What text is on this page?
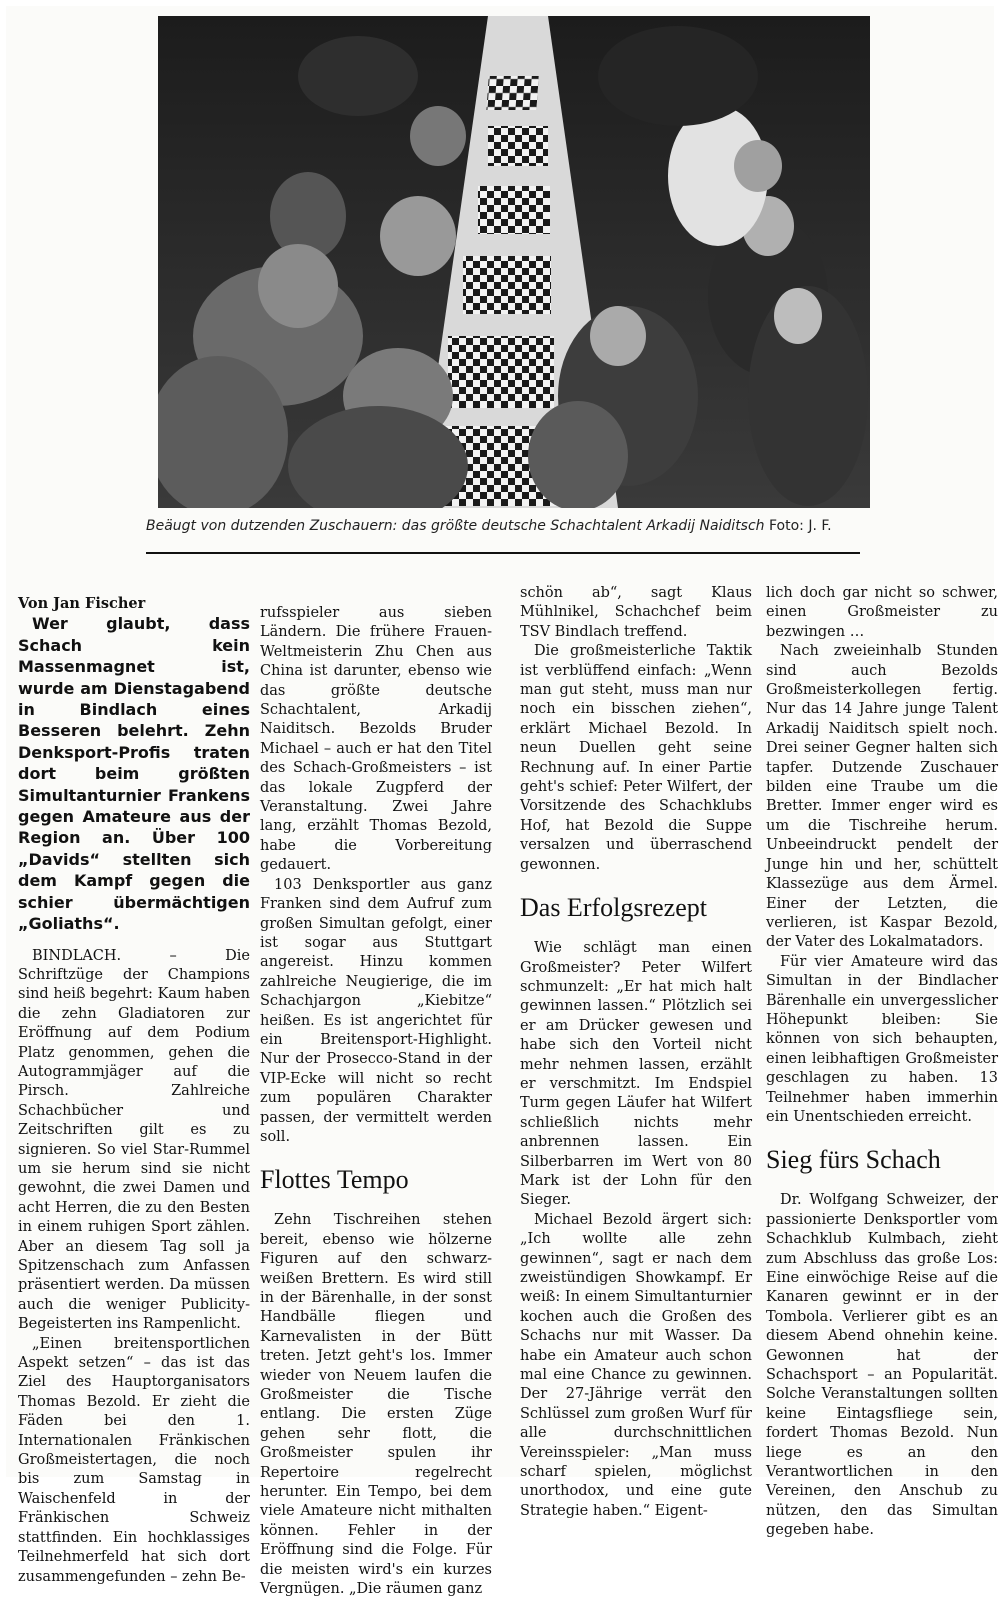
Beäugt von dutzenden Zuschauern: das größte deutsche Schachtalent Arkadij Naiditsch Foto: J. F.

Von Jan Fischer

Wer glaubt, dass Schach kein Massenmagnet ist, wurde am Dienstagabend in Bindlach eines Besseren belehrt. Zehn Denksport-Profis traten dort beim größten Simultanturnier Frankens gegen Amateure aus der Region an. Über 100 „Davids“ stellten sich dem Kampf gegen die schier übermächtigen „Goliaths“.

BINDLACH. – Die Schriftzüge der Champions sind heiß begehrt: Kaum haben die zehn Gladiatoren zur Eröffnung auf dem Podium Platz genommen, gehen die Autogrammjäger auf die Pirsch. Zahlreiche Schachbücher und Zeitschriften gilt es zu signieren. So viel Star-Rummel um sie herum sind sie nicht gewohnt, die zwei Damen und acht Herren, die zu den Besten in einem ruhigen Sport zählen. Aber an diesem Tag soll ja Spitzenschach zum Anfassen präsentiert werden. Da müssen auch die weniger Publicity-Begeisterten ins Rampenlicht.

„Einen breitensportlichen Aspekt setzen“ – das ist das Ziel des Hauptorganisators Thomas Bezold. Er zieht die Fäden bei den 1. Internationalen Fränkischen Großmeistertagen, die noch bis zum Samstag in Waischenfeld in der Fränkischen Schweiz stattfinden. Ein hochklassiges Teilnehmerfeld hat sich dort zusammengefunden – zehn Be-

rufsspieler aus sieben Ländern. Die frühere Frauen-Weltmeisterin Zhu Chen aus China ist darunter, ebenso wie das größte deutsche Schachtalent, Arkadij Naiditsch. Bezolds Bruder Michael – auch er hat den Titel des Schach-Großmeisters – ist das lokale Zugpferd der Veranstaltung. Zwei Jahre lang, erzählt Thomas Bezold, habe die Vorbereitung gedauert.

103 Denksportler aus ganz Franken sind dem Aufruf zum großen Simultan gefolgt, einer ist sogar aus Stuttgart angereist. Hinzu kommen zahlreiche Neugierige, die im Schachjargon „Kiebitze“ heißen. Es ist angerichtet für ein Breitensport-Highlight. Nur der Prosecco-Stand in der VIP-Ecke will nicht so recht zum populären Charakter passen, der vermittelt werden soll.

Flottes Tempo

Zehn Tischreihen stehen bereit, ebenso wie hölzerne Figuren auf den schwarz-weißen Brettern. Es wird still in der Bärenhalle, in der sonst Handbälle fliegen und Karnevalisten in der Bütt treten. Jetzt geht's los. Immer wieder von Neuem laufen die Großmeister die Tische entlang. Die ersten Züge gehen sehr flott, die Großmeister spulen ihr Repertoire regelrecht herunter. Ein Tempo, bei dem viele Amateure nicht mithalten können. Fehler in der Eröffnung sind die Folge. Für die meisten wird's ein kurzes Vergnügen. „Die räumen ganz

schön ab“, sagt Klaus Mühlnikel, Schachchef beim TSV Bindlach treffend.

Die großmeisterliche Taktik ist verblüffend einfach: „Wenn man gut steht, muss man nur noch ein bisschen ziehen“, erklärt Michael Bezold. In neun Duellen geht seine Rechnung auf. In einer Partie geht's schief: Peter Wilfert, der Vorsitzende des Schachklubs Hof, hat Bezold die Suppe versalzen und überraschend gewonnen.

Das Erfolgsrezept

Wie schlägt man einen Großmeister? Peter Wilfert schmunzelt: „Er hat mich halt gewinnen lassen.“ Plötzlich sei er am Drücker gewesen und habe sich den Vorteil nicht mehr nehmen lassen, erzählt er verschmitzt. Im Endspiel Turm gegen Läufer hat Wilfert schließlich nichts mehr anbrennen lassen. Ein Silberbarren im Wert von 80 Mark ist der Lohn für den Sieger.

Michael Bezold ärgert sich: „Ich wollte alle zehn gewinnen“, sagt er nach dem zweistündigen Showkampf. Er weiß: In einem Simultanturnier kochen auch die Großen des Schachs nur mit Wasser. Da habe ein Amateur auch schon mal eine Chance zu gewinnen. Der 27-Jährige verrät den Schlüssel zum großen Wurf für alle durchschnittlichen Vereinsspieler: „Man muss scharf spielen, möglichst unorthodox, und eine gute Strategie haben.“ Eigent-

lich doch gar nicht so schwer, einen Großmeister zu bezwingen …

Nach zweieinhalb Stunden sind auch Bezolds Großmeisterkollegen fertig. Nur das 14 Jahre junge Talent Arkadij Naiditsch spielt noch. Drei seiner Gegner halten sich tapfer. Dutzende Zuschauer bilden eine Traube um die Bretter. Immer enger wird es um die Tischreihe herum. Unbeeindruckt pendelt der Junge hin und her, schüttelt Klassezüge aus dem Ärmel. Einer der Letzten, die verlieren, ist Kaspar Bezold, der Vater des Lokalmatadors.

Für vier Amateure wird das Simultan in der Bindlacher Bärenhalle ein unvergesslicher Höhepunkt bleiben: Sie können von sich behaupten, einen leibhaftigen Großmeister geschlagen zu haben. 13 Teilnehmer haben immerhin ein Unentschieden erreicht.

Sieg fürs Schach

Dr. Wolfgang Schweizer, der passionierte Denksportler vom Schachklub Kulmbach, zieht zum Abschluss das große Los: Eine einwöchige Reise auf die Kanaren gewinnt er in der Tombola. Verlierer gibt es an diesem Abend ohnehin keine. Gewonnen hat der Schachsport – an Popularität. Solche Veranstaltungen sollten keine Eintagsfliege sein, fordert Thomas Bezold. Nun liege es an den Verantwortlichen in den Vereinen, den Anschub zu nützen, den das Simultan gegeben habe.
